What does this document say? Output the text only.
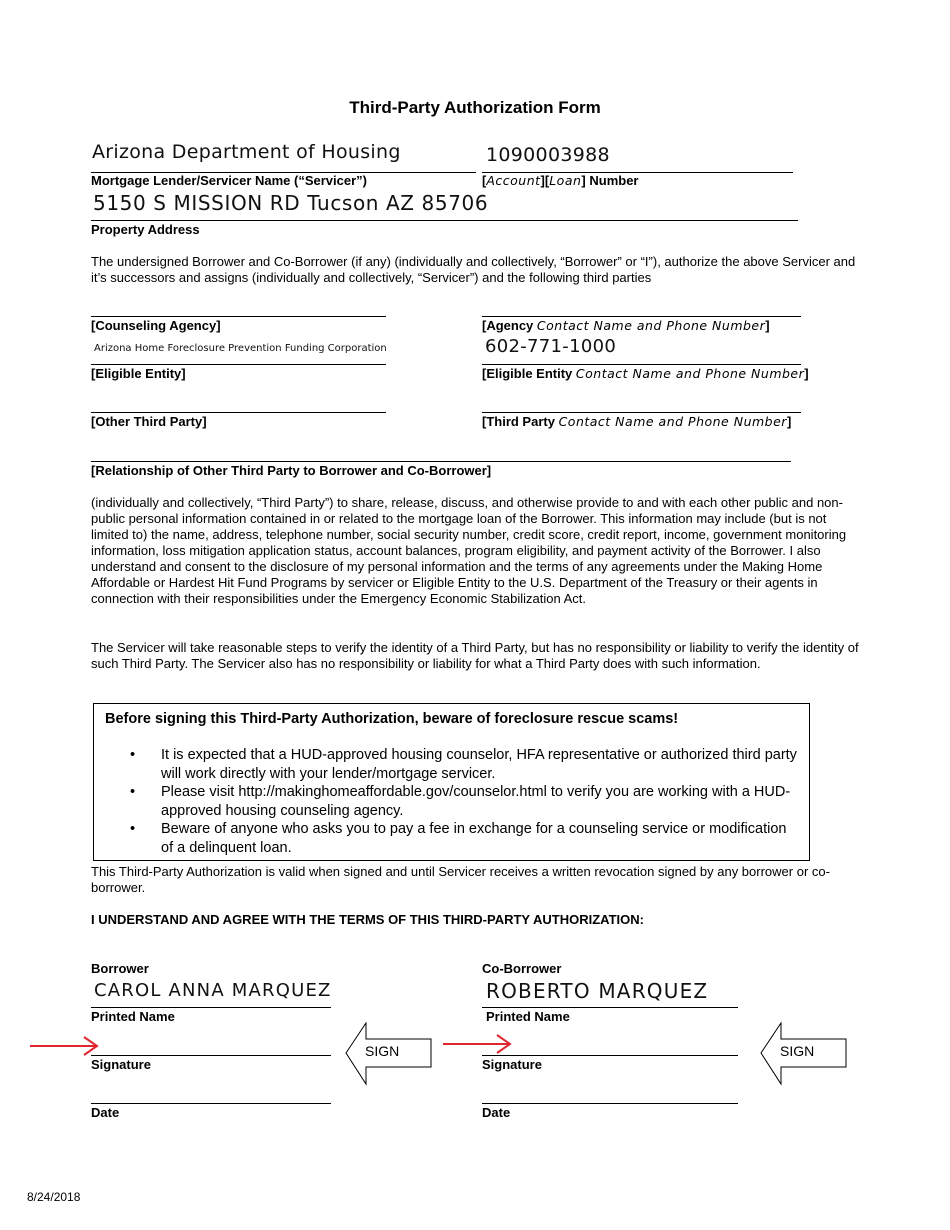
Third-Party Authorization Form
Arizona Department of Housing
Mortgage Lender/Servicer Name (“Servicer”)
1090003988
[Account][Loan] Number
5150 S MISSION RD Tucson AZ 85706
Property Address
The undersigned Borrower and Co-Borrower (if any) (individually and collectively, “Borrower” or “I”), authorize the above Servicer and it’s successors and assigns (individually and collectively, “Servicer”) and the following third parties
[Counseling Agency]	[Agency Contact Name and Phone Number]
Arizona Home Foreclosure Prevention Funding Corporation
[Eligible Entity]
602-771-1000
[Eligible Entity Contact Name and Phone Number]
[Other Third Party]	[Third Party Contact Name and Phone Number]
[Relationship of Other Third Party to Borrower and Co-Borrower]
(individually and collectively, “Third Party”) to share, release, discuss, and otherwise provide to and with each other public and non-public personal information contained in or related to the mortgage loan of the Borrower. This information may include (but is not limited to) the name, address, telephone number, social security number, credit score, credit report, income, government monitoring information, loss mitigation application status, account balances, program eligibility, and payment activity of the Borrower. I also understand and consent to the disclosure of my personal information and the terms of any agreements under the Making Home Affordable or Hardest Hit Fund Programs by servicer or Eligible Entity to the U.S. Department of the Treasury or their agents in connection with their responsibilities under the Emergency Economic Stabilization Act.
The Servicer will take reasonable steps to verify the identity of a Third Party, but has no responsibility or liability to verify the identity of such Third Party. The Servicer also has no responsibility or liability for what a Third Party does with such information.
Before signing this Third-Party Authorization, beware of foreclosure rescue scams!
• It is expected that a HUD-approved housing counselor, HFA representative or authorized third party will work directly with your lender/mortgage servicer.
• Please visit http://makinghomeaffordable.gov/counselor.html to verify you are working with a HUD-approved housing counseling agency.
• Beware of anyone who asks you to pay a fee in exchange for a counseling service or modification of a delinquent loan.
This Third-Party Authorization is valid when signed and until Servicer receives a written revocation signed by any borrower or co-borrower.
I UNDERSTAND AND AGREE WITH THE TERMS OF THIS THIRD-PARTY AUTHORIZATION:
Borrower
CAROL ANNA MARQUEZ
Printed Name
Signature
Date
SIGN
Co-Borrower
ROBERTO MARQUEZ
Printed Name
Signature
Date
SIGN
8/24/2018
